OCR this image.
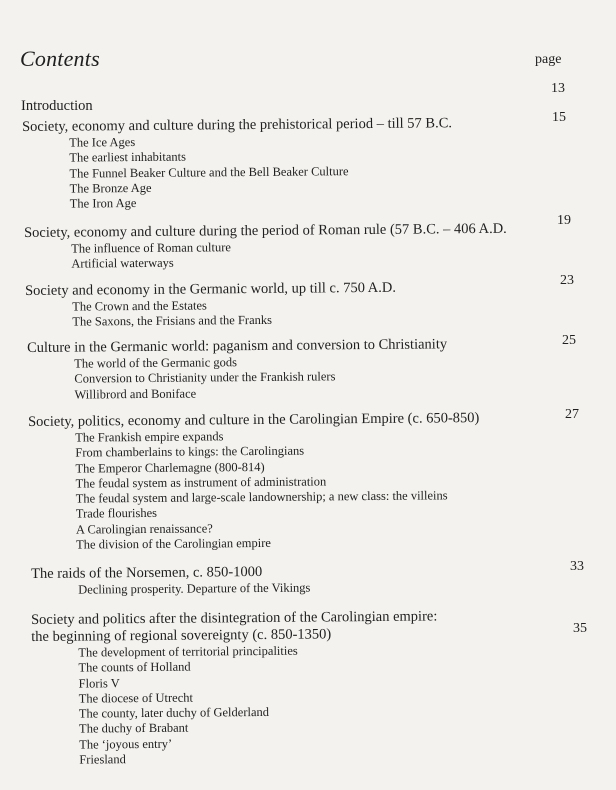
Contents	page
Introduction
13
Society, economy and culture during the prehistorical period – till 57 B.C.
The Ice Ages
The earliest inhabitants
The Funnel Beaker Culture and the Bell Beaker Culture
The Bronze Age
The Iron Age
15
Society, economy and culture during the period of Roman rule (57 B.C. – 406 A.D.
The influence of Roman culture
Artificial waterways
19
Society and economy in the Germanic world, up till c. 750 A.D.
The Crown and the Estates
The Saxons, the Frisians and the Franks
23
Culture in the Germanic world: paganism and conversion to Christianity
The world of the Germanic gods
Conversion to Christianity under the Frankish rulers
Willibrord and Boniface
25
Society, politics, economy and culture in the Carolingian Empire (c. 650-850)
The Frankish empire expands
From chamberlains to kings: the Carolingians
The Emperor Charlemagne (800-814)
The feudal system as instrument of administration
The feudal system and large-scale landownership; a new class: the villeins
Trade flourishes
A Carolingian renaissance?
The division of the Carolingian empire
27
The raids of the Norsemen, c. 850-1000
Declining prosperity. Departure of the Vikings
33
Society and politics after the disintegration of the Carolingian empire:
the beginning of regional sovereignty (c. 850-1350)
The development of territorial principalities
The counts of Holland
Floris V
The diocese of Utrecht
The county, later duchy of Gelderland
The duchy of Brabant
The ‘joyous entry’
Friesland
35
